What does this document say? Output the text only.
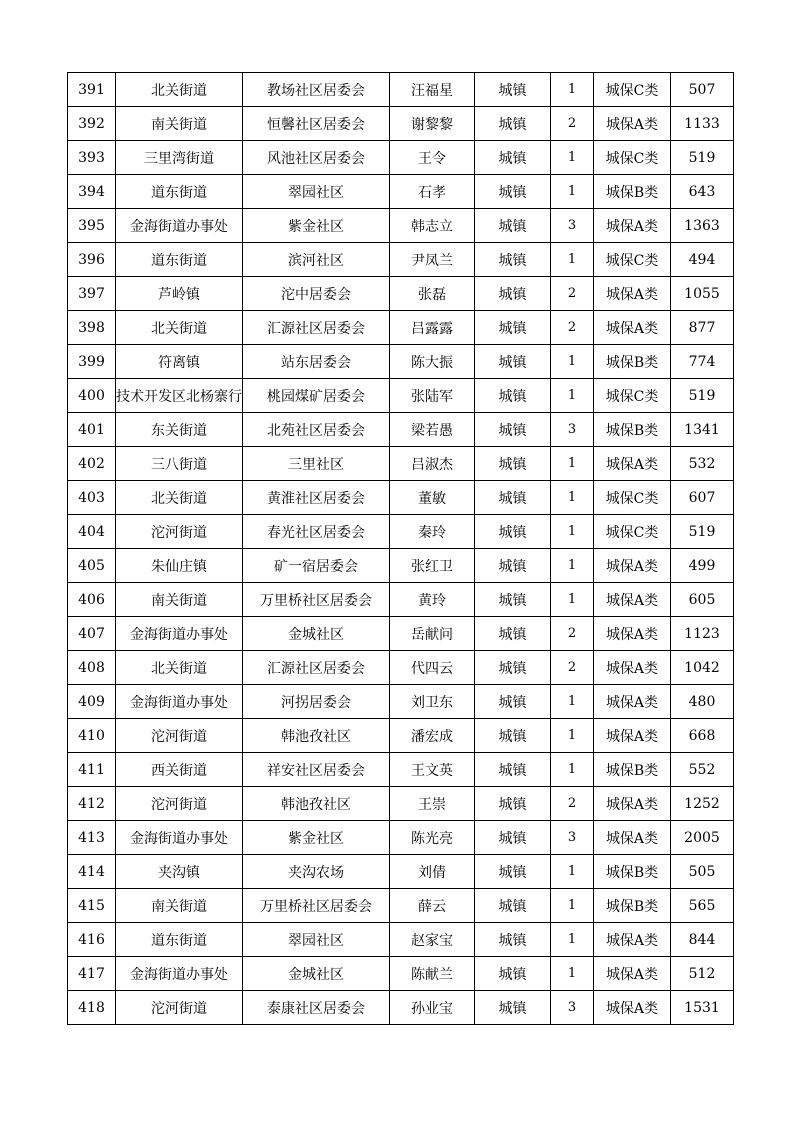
391	北关街道	教场社区居委会	汪福星	城镇	1	城保C类	507
392	南关街道	恒馨社区居委会	谢黎黎	城镇	2	城保A类	1133
393	三里湾街道	风池社区居委会	王令	城镇	1	城保C类	519
394	道东街道	翠园社区	石孝	城镇	1	城保B类	643
395	金海街道办事处	紫金社区	韩志立	城镇	3	城保A类	1363
396	道东街道	滨河社区	尹凤兰	城镇	1	城保C类	494
397	芦岭镇	沱中居委会	张磊	城镇	2	城保A类	1055
398	北关街道	汇源社区居委会	吕露露	城镇	2	城保A类	877
399	符离镇	站东居委会	陈大振	城镇	1	城保B类	774
400	技术开发区北杨寨行	桃园煤矿居委会	张陆军	城镇	1	城保C类	519
401	东关街道	北苑社区居委会	梁若愚	城镇	3	城保B类	1341
402	三八街道	三里社区	吕淑杰	城镇	1	城保A类	532
403	北关街道	黄淮社区居委会	董敏	城镇	1	城保C类	607
404	沱河街道	春光社区居委会	秦玲	城镇	1	城保C类	519
405	朱仙庄镇	矿一宿居委会	张红卫	城镇	1	城保A类	499
406	南关街道	万里桥社区居委会	黄玲	城镇	1	城保A类	605
407	金海街道办事处	金城社区	岳献问	城镇	2	城保A类	1123
408	北关街道	汇源社区居委会	代四云	城镇	2	城保A类	1042
409	金海街道办事处	河拐居委会	刘卫东	城镇	1	城保A类	480
410	沱河街道	韩池孜社区	潘宏成	城镇	1	城保A类	668
411	西关街道	祥安社区居委会	王文英	城镇	1	城保B类	552
412	沱河街道	韩池孜社区	王崇	城镇	2	城保A类	1252
413	金海街道办事处	紫金社区	陈光亮	城镇	3	城保A类	2005
414	夹沟镇	夹沟农场	刘倩	城镇	1	城保B类	505
415	南关街道	万里桥社区居委会	薛云	城镇	1	城保B类	565
416	道东街道	翠园社区	赵家宝	城镇	1	城保A类	844
417	金海街道办事处	金城社区	陈献兰	城镇	1	城保A类	512
418	沱河街道	泰康社区居委会	孙业宝	城镇	3	城保A类	1531
